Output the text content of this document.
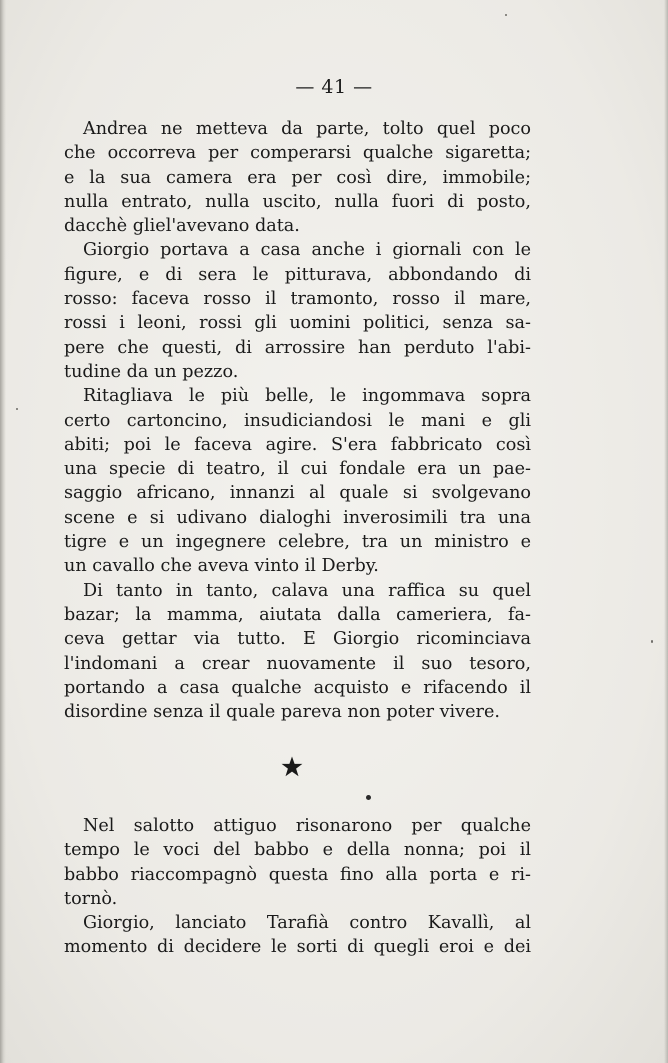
— 41 —

Andrea ne metteva da parte, tolto quel poco
che occorreva per comperarsi qualche sigaretta;
e la sua camera era per così dire, immobile;
nulla entrato, nulla uscito, nulla fuori di posto,
dacchè gliel'avevano data.

Giorgio portava a casa anche i giornali con le
figure, e di sera le pitturava, abbondando di
rosso: faceva rosso il tramonto, rosso il mare,
rossi i leoni, rossi gli uomini politici, senza sa-
pere che questi, di arrossire han perduto l'abi-
tudine da un pezzo.

Ritagliava le più belle, le ingommava sopra
certo cartoncino, insudiciandosi le mani e gli
abiti; poi le faceva agire. S'era fabbricato così
una specie di teatro, il cui fondale era un pae-
saggio africano, innanzi al quale si svolgevano
scene e si udivano dialoghi inverosimili tra una
tigre e un ingegnere celebre, tra un ministro e
un cavallo che aveva vinto il Derby.

Di tanto in tanto, calava una raffica su quel
bazar; la mamma, aiutata dalla cameriera, fa-
ceva gettar via tutto. E Giorgio ricominciava
l'indomani a crear nuovamente il suo tesoro,
portando a casa qualche acquisto e rifacendo il
disordine senza il quale pareva non poter vivere.

Nel salotto attiguo risonarono per qualche
tempo le voci del babbo e della nonna; poi il
babbo riaccompagnò questa fino alla porta e ri-
tornò.

Giorgio, lanciato Tarafià contro Kavallì, al
momento di decidere le sorti di quegli eroi e dei
